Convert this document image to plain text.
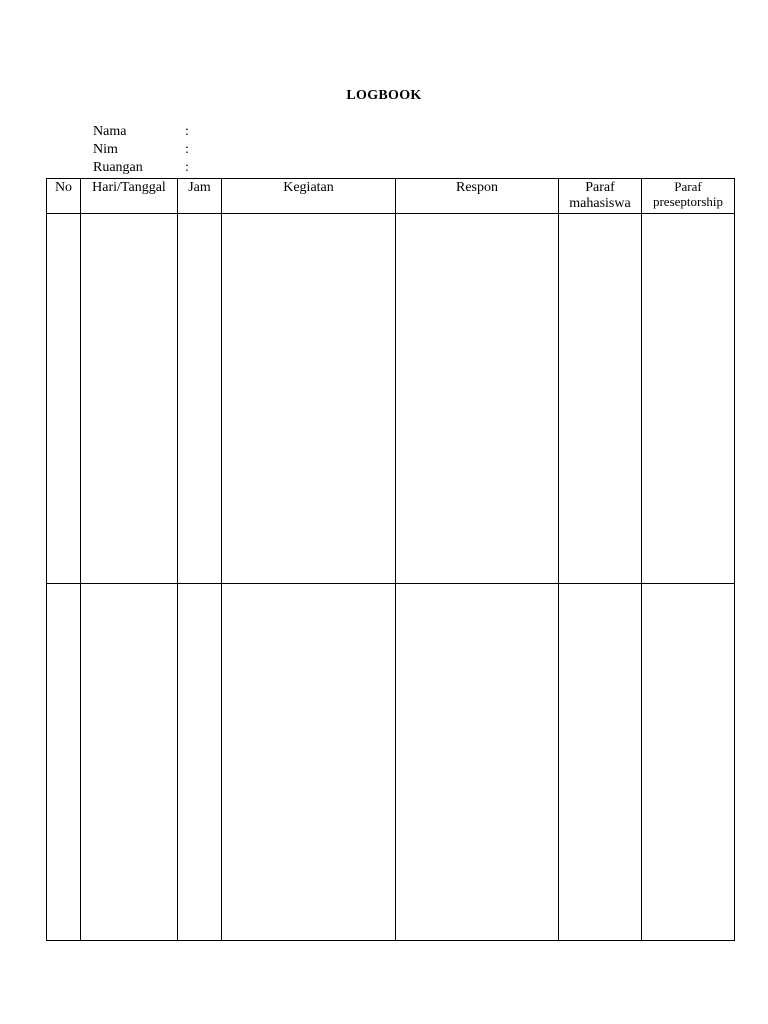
LOGBOOK
Nama	:
Nim	:
Ruangan	:
No	Hari/Tanggal	Jam	Kegiatan	Respon	Paraf mahasiswa	Paraf preseptorship
